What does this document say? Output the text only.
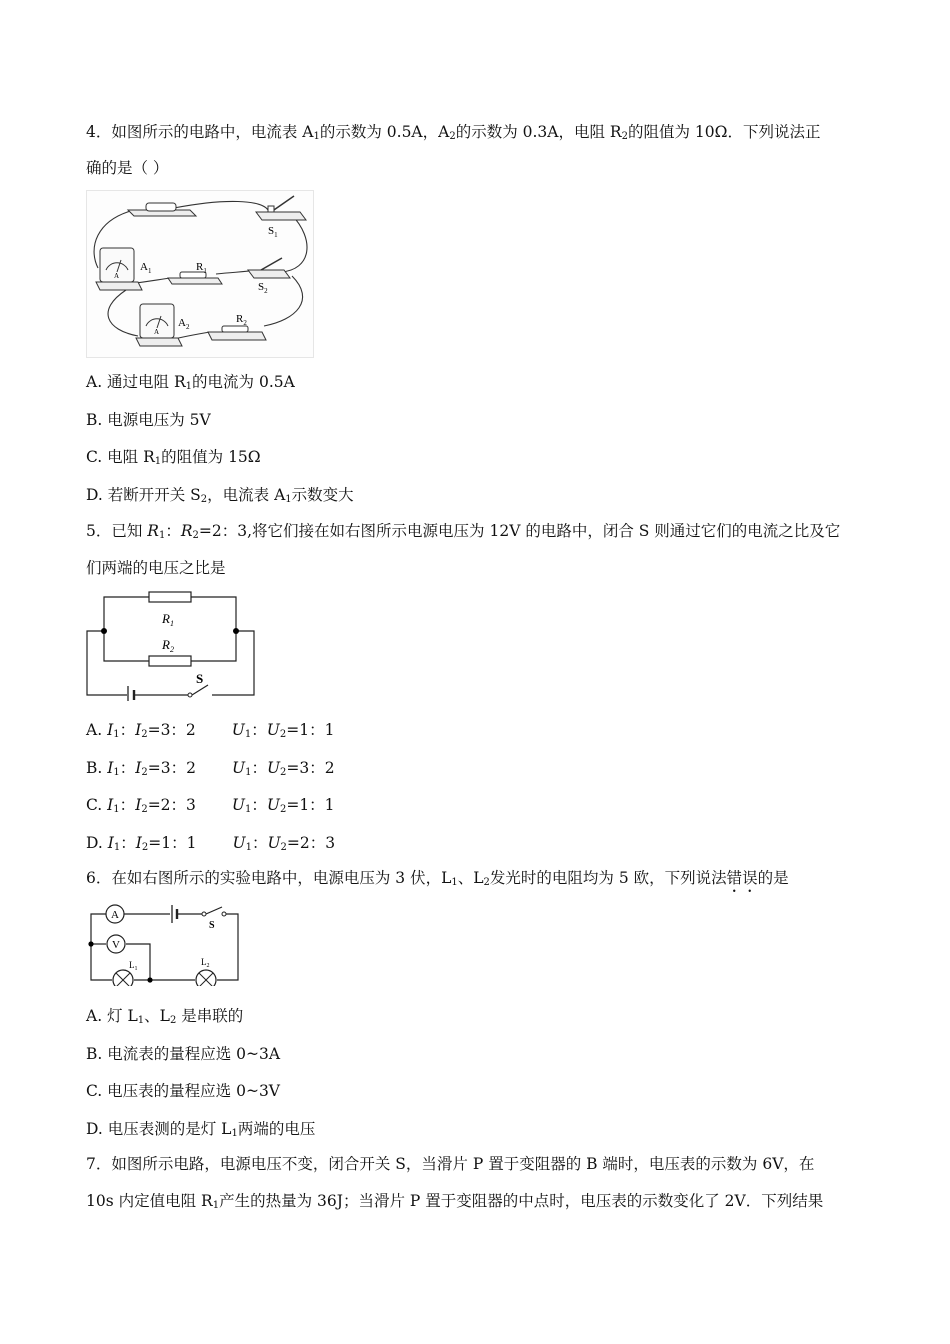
4．如图所示的电路中，电流表 $A_1$的示数为 0.5A，$A_2$的示数为 0.3A，电阻 $R_2$的阻值为 10Ω．下列说法正
确的是（ ）
$S_1$
A
$A_1$	$R_1$
$S_2$
A
$A_2$
$R_2$
A. 通过电阻 $R_1$的电流为 0.5A
B. 电源电压为 5V
C. 电阻 $R_1$的阻值为 15Ω
D. 若断开开关 $S_2$，电流表 $A_1$示数变大
5．已知 $R_1$：$R_2=2$：3,将它们接在如右图所示电源电压为 12V 的电路中，闭合 S 则通过它们的电流之比及它
们两端的电压之比是
$R_1$
$R_2$
S
A. $I_1$：$I_2=3$：2 $U_1$：$U_2=1$：1
B. $I_1$：$I_2=3$：2 $U_1$：$U_2=3$：2
C. $I_1$：$I_2=2$：3 $U_1$：$U_2=1$：1
D. $I_1$：$I_2=1$：1 $U_1$：$U_2=2$：3
6．在如右图所示的实验电路中，电源电压为 3 伏，$L_1$、$L_2$发光时的电阻均为 5 欧，下列说法错误的是
A
S
V
$L_1$
$L_2$
A. 灯 $L_1$、$L_2$ 是串联的
B. 电流表的量程应选 0~3A
C. 电压表的量程应选 0~3V
D. 电压表测的是灯 $L_1$两端的电压
7．如图所示电路，电源电压不变，闭合开关 S，当滑片 P 置于变阻器的 B 端时，电压表的示数为 6V，在
10s 内定值电阻 $R_1$产生的热量为 36J；当滑片 P 置于变阻器的中点时，电压表的示数变化了 2V．下列结果
